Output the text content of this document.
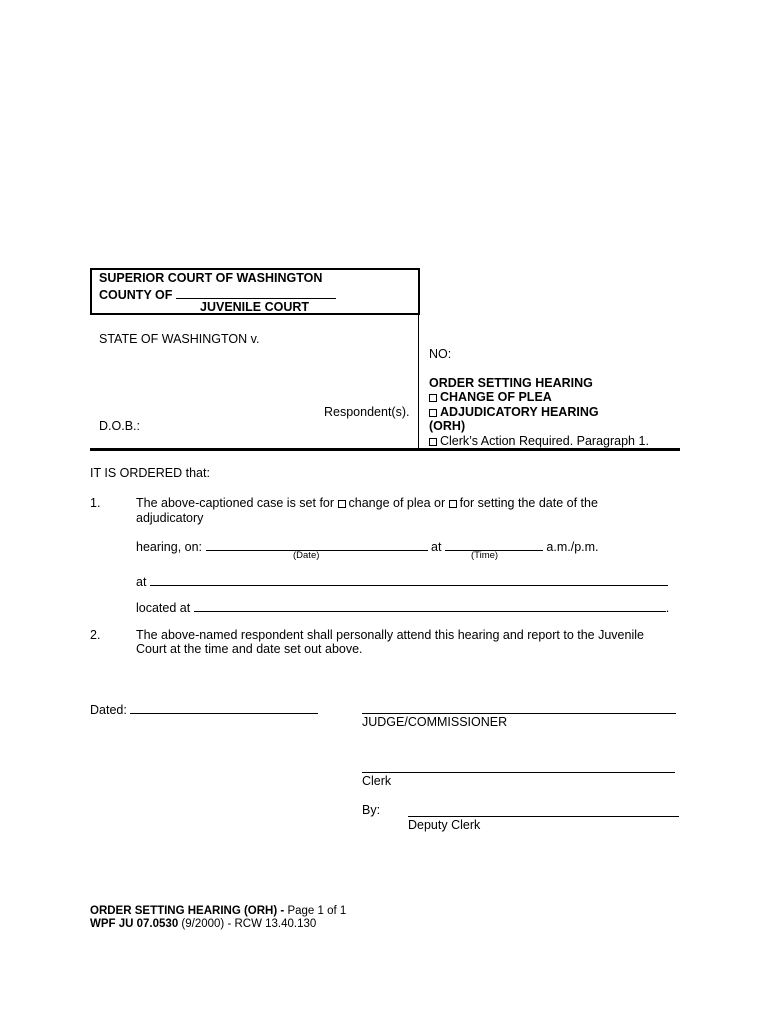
SUPERIOR COURT OF WASHINGTON
COUNTY OF
JUVENILE COURT
STATE OF WASHINGTON v.
Respondent(s).
D.O.B.:
NO:
ORDER SETTING HEARING
CHANGE OF PLEA
ADJUDICATORY HEARING
(ORH)
Clerk’s Action Required. Paragraph 1.
IT IS ORDERED that:
1.	The above-captioned case is set for change of plea or for setting the date of the
adjudicatory
hearing, on:	at	a.m./p.m.
(Date)	(Time)
at
located at	.
2.	The above-named respondent shall personally attend this hearing and report to the Juvenile
Court at the time and date set out above.
Dated:
JUDGE/COMMISSIONER
Clerk
By:
Deputy Clerk
ORDER SETTING HEARING (ORH) - Page 1 of 1
WPF JU 07.0530 (9/2000) - RCW 13.40.130
